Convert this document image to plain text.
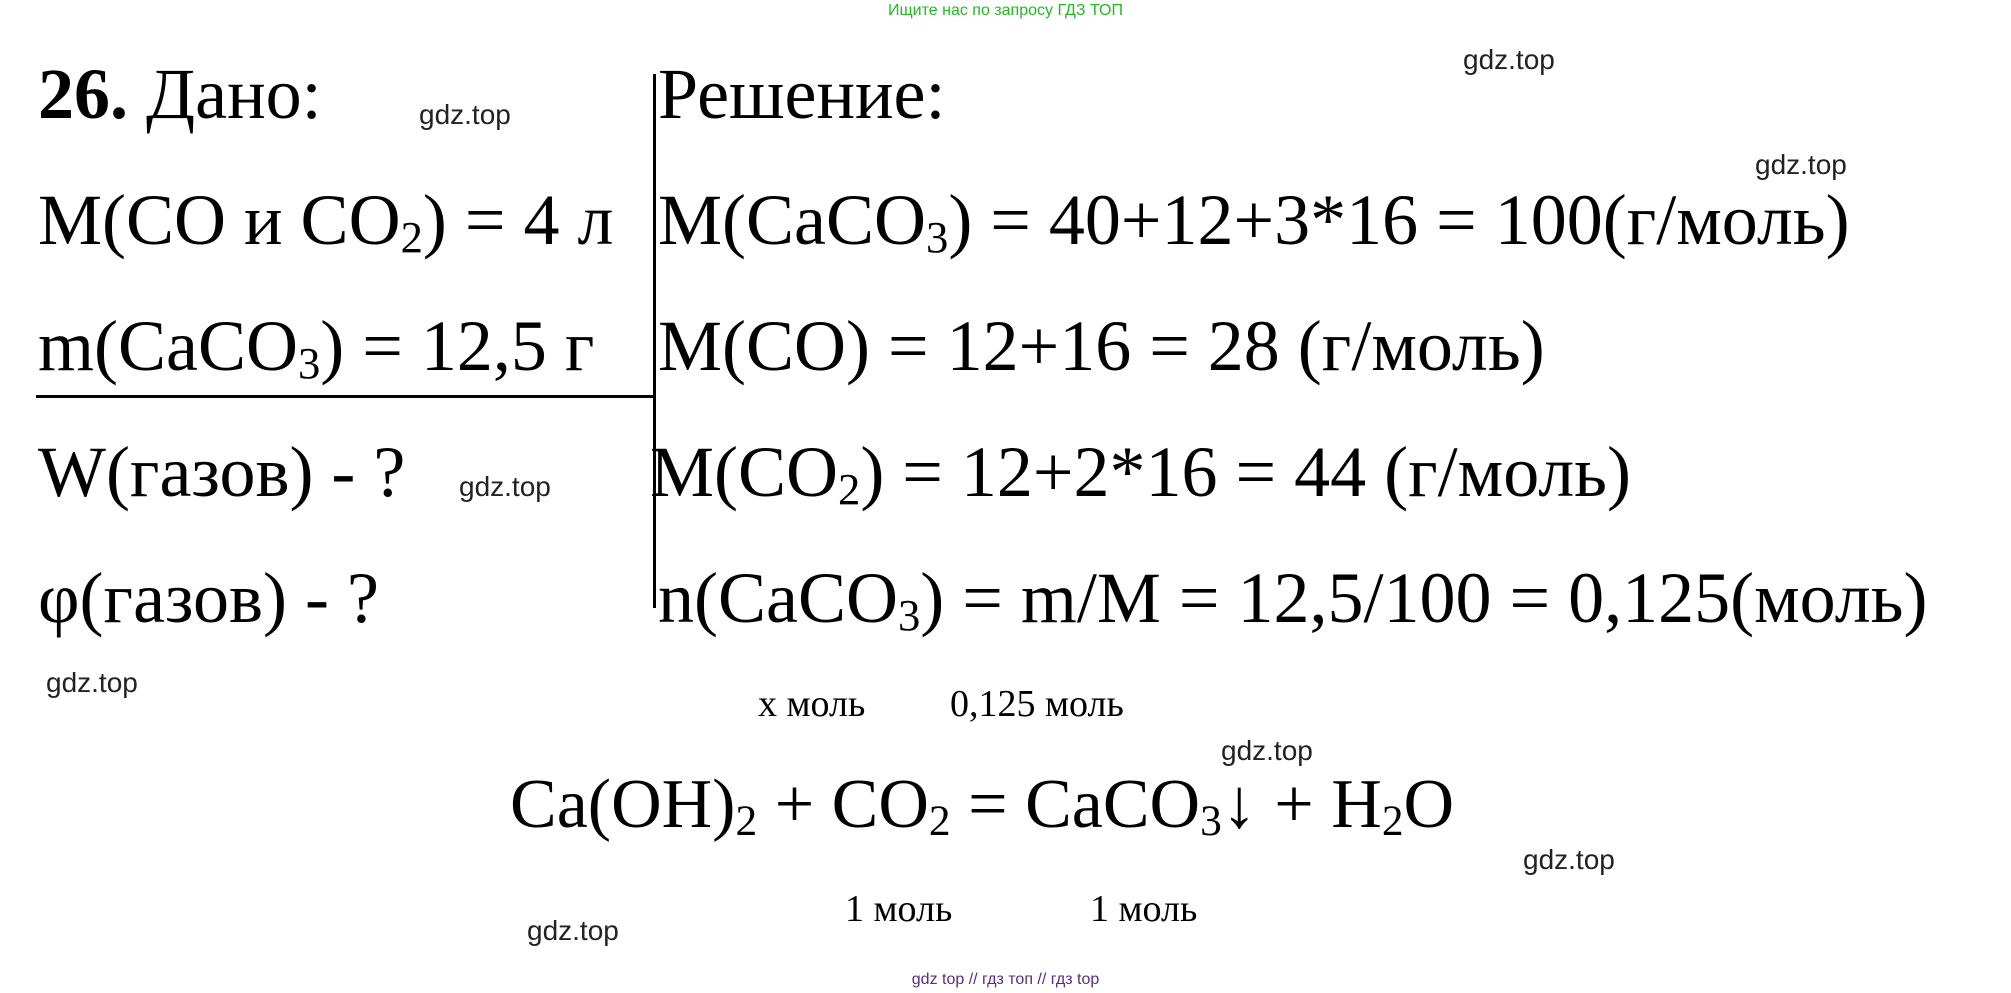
Ищите нас по запросу ГДЗ ТОП
26. Дано:
M(CO и $CO_2) = 4$ л
m(CaCO$_3$) = 12,5 г
W(газов) - ?
φ(газов) - ?
Решение:
M(CaCO$_3$) = 40+12+3*16 = 100(г/моль)
M(CO) = 12+16 = 28 (г/моль)
$M(CO_2) = 12+2*16 = 44$ (г/моль)
n(CaCO$_3$) = m/M = 12,5/100 = 0,125(моль)
x моль 0,125 моль
$Ca(OH)_2 + CO_2$ = CaCO$_3$↓ + $H_2O$
1 моль	1 моль
gdz.top
gdz.top
gdz.top
gdz.top
gdz.top
gdz.top
gdz.top
gdz.top
gdz top // гдз топ // гдз top
